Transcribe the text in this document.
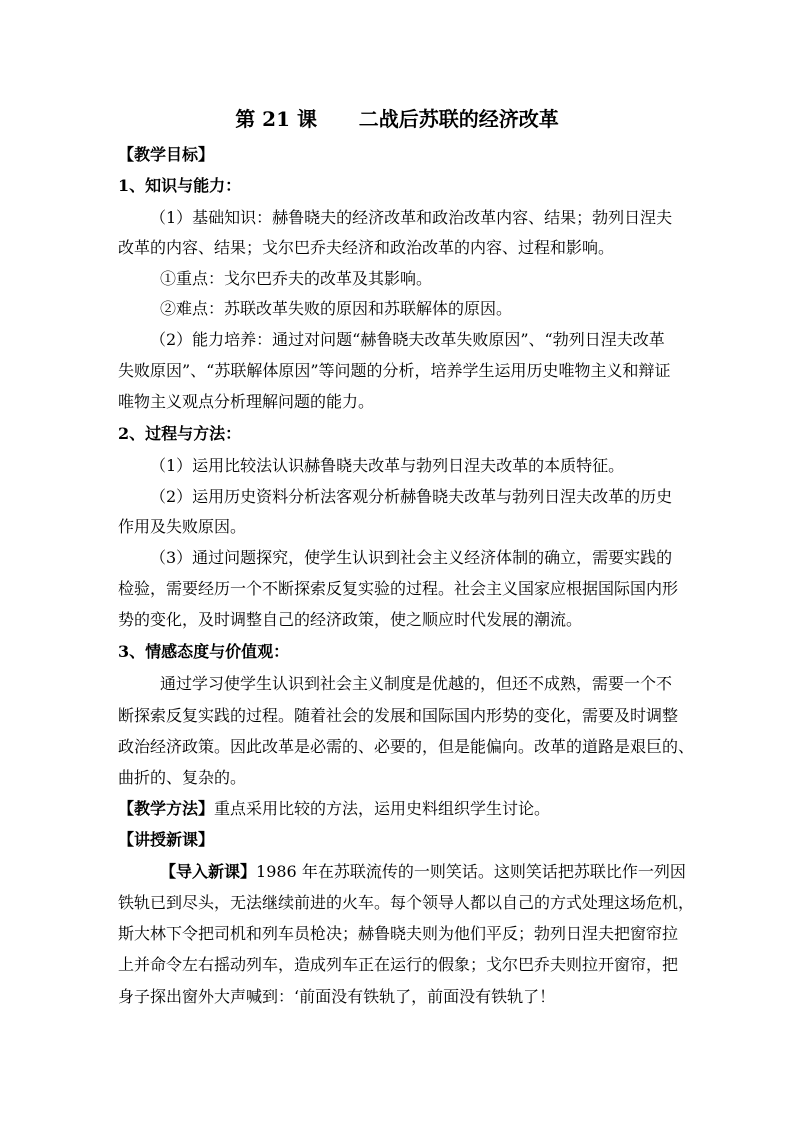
第 21 课      二战后苏联的经济改革
【教学目标】
1、知识与能力：
（1）基础知识：赫鲁晓夫的经济改革和政治改革内容、结果；勃列日涅夫
改革的内容、结果；戈尔巴乔夫经济和政治改革的内容、过程和影响。
①重点：戈尔巴乔夫的改革及其影响。
②难点：苏联改革失败的原因和苏联解体的原因。
（2）能力培养：通过对问题“赫鲁晓夫改革失败原因”、“勃列日涅夫改革
失败原因”、“苏联解体原因”等问题的分析，培养学生运用历史唯物主义和辩证
唯物主义观点分析理解问题的能力。
2、过程与方法：
（1）运用比较法认识赫鲁晓夫改革与勃列日涅夫改革的本质特征。
（2）运用历史资料分析法客观分析赫鲁晓夫改革与勃列日涅夫改革的历史
作用及失败原因。
（3）通过问题探究，使学生认识到社会主义经济体制的确立，需要实践的
检验，需要经历一个不断探索反复实验的过程。社会主义国家应根据国际国内形
势的变化，及时调整自己的经济政策，使之顺应时代发展的潮流。
3、情感态度与价值观：
通过学习使学生认识到社会主义制度是优越的，但还不成熟，需要一个不
断探索反复实践的过程。随着社会的发展和国际国内形势的变化，需要及时调整
政治经济政策。因此改革是必需的、必要的，但是能偏向。改革的道路是艰巨的、
曲折的、复杂的。
【教学方法】重点采用比较的方法，运用史料组织学生讨论。
【讲授新课】
【导入新课】1986 年在苏联流传的一则笑话。这则笑话把苏联比作一列因
铁轨已到尽头，无法继续前进的火车。每个领导人都以自己的方式处理这场危机，
斯大林下令把司机和列车员枪决；赫鲁晓夫则为他们平反；勃列日涅夫把窗帘拉
上并命令左右摇动列车，造成列车正在运行的假象；戈尔巴乔夫则拉开窗帘，把
身子探出窗外大声喊到：‘前面没有铁轨了，前面没有铁轨了！
